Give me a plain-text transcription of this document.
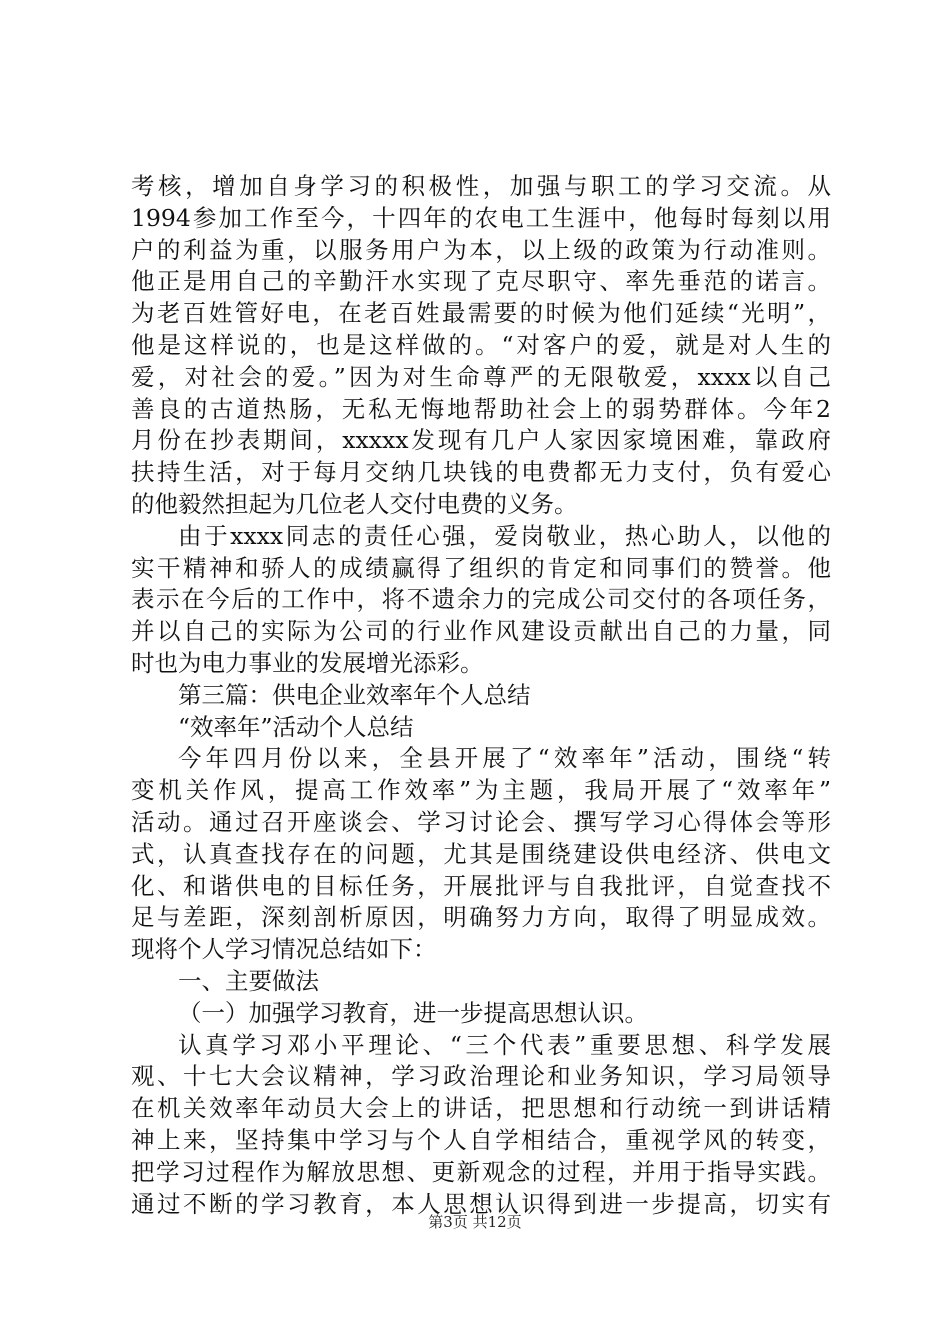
考核，增加自身学习的积极性，加强与职工的学习交流。从
1994参加工作至今，十四年的农电工生涯中，他每时每刻以用
户的利益为重，以服务用户为本，以上级的政策为行动准则。
他正是用自己的辛勤汗水实现了克尽职守、率先垂范的诺言。
为老百姓管好电，在老百姓最需要的时候为他们延续“光明”，
他是这样说的，也是这样做的。“对客户的爱，就是对人生的
爱，对社会的爱。”因为对生命尊严的无限敬爱，xxxx以自己
善良的古道热肠，无私无悔地帮助社会上的弱势群体。今年2
月份在抄表期间，xxxxx发现有几户人家因家境困难，靠政府
扶持生活，对于每月交纳几块钱的电费都无力支付，负有爱心
的他毅然担起为几位老人交付电费的义务。
由于xxxx同志的责任心强，爱岗敬业，热心助人，以他的
实干精神和骄人的成绩赢得了组织的肯定和同事们的赞誉。他
表示在今后的工作中，将不遗余力的完成公司交付的各项任务，
并以自己的实际为公司的行业作风建设贡献出自己的力量，同
时也为电力事业的发展增光添彩。
第三篇：供电企业效率年个人总结
“效率年”活动个人总结
今年四月份以来，全县开展了“效率年”活动，围绕“转
变机关作风，提高工作效率”为主题，我局开展了“效率年”
活动。通过召开座谈会、学习讨论会、撰写学习心得体会等形
式，认真查找存在的问题，尤其是围绕建设供电经济、供电文
化、和谐供电的目标任务，开展批评与自我批评，自觉查找不
足与差距，深刻剖析原因，明确努力方向，取得了明显成效。
现将个人学习情况总结如下：
一、主要做法
（一）加强学习教育，进一步提高思想认识。
认真学习邓小平理论、“三个代表”重要思想、科学发展
观、十七大会议精神，学习政治理论和业务知识，学习局领导
在机关效率年动员大会上的讲话，把思想和行动统一到讲话精
神上来，坚持集中学习与个人自学相结合，重视学风的转变，
把学习过程作为解放思想、更新观念的过程，并用于指导实践。
通过不断的学习教育，本人思想认识得到进一步提高，切实有
第3页 共12页
